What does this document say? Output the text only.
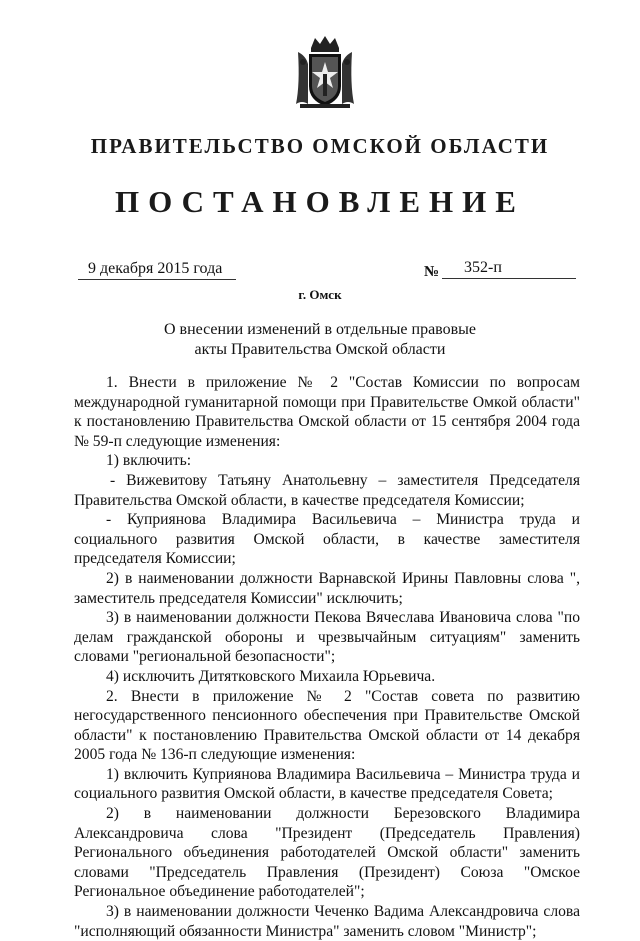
ПРАВИТЕЛЬСТВО ОМСКОЙ ОБЛАСТИ
ПОСТАНОВЛЕНИЕ
9 декабря 2015 года	№	352-п
г. Омск
О внесении изменений в отдельные правовые акты Правительства Омской области

1. Внести в приложение № 2 "Состав Комиссии по вопросам международной гуманитарной помощи при Правительстве Омкой области" к постановлению Правительства Омской области от 15 сентября 2004 года № 59-п следующие изменения:

1) включить:

- Вижевитову Татьяну Анатольевну – заместителя Председателя Правительства Омской области, в качестве председателя Комиссии;

- Куприянова Владимира Васильевича – Министра труда и социального развития Омской области, в качестве заместителя председателя Комиссии;

2) в наименовании должности Варнавской Ирины Павловны слова ", заместитель председателя Комиссии" исключить;

3) в наименовании должности Пекова Вячеслава Ивановича слова "по делам гражданской обороны и чрезвычайным ситуациям" заменить словами "региональной безопасности";

4) исключить Дитятковского Михаила Юрьевича.

2. Внести в приложение № 2 "Состав совета по развитию негосударственного пенсионного обеспечения при Правительстве Омской области" к постановлению Правительства Омской области от 14 декабря 2005 года № 136-п следующие изменения:

1) включить Куприянова Владимира Васильевича – Министра труда и социального развития Омской области, в качестве председателя Совета;

2) в наименовании должности Березовского Владимира Александровича слова "Президент (Председатель Правления) Регионального объединения работодателей Омской области" заменить словами "Председатель Правления (Президент) Союза "Омское Региональное объединение работодателей";

3) в наименовании должности Чеченко Вадима Александровича слова "исполняющий обязанности Министра" заменить словом "Министр";
